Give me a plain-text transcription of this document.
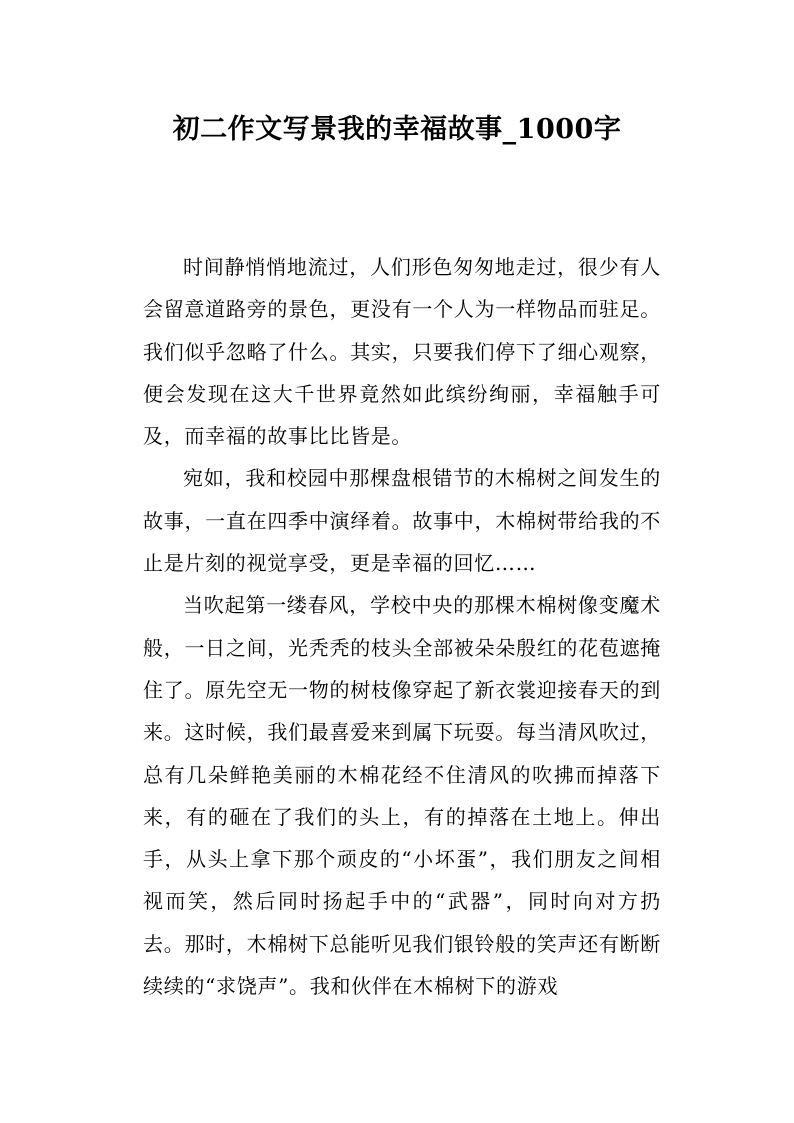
初二作文写景我的幸福故事_1000字

时间静悄悄地流过，人们形色匆匆地走过，很少有人会留意道路旁的景色，更没有一个人为一样物品而驻足。我们似乎忽略了什么。其实，只要我们停下了细心观察，便会发现在这大千世界竟然如此缤纷绚丽，幸福触手可及，而幸福的故事比比皆是。

宛如，我和校园中那棵盘根错节的木棉树之间发生的故事，一直在四季中演绎着。故事中，木棉树带给我的不止是片刻的视觉享受，更是幸福的回忆……

当吹起第一缕春风，学校中央的那棵木棉树像变魔术般，一日之间，光秃秃的枝头全部被朵朵殷红的花苞遮掩住了。原先空无一物的树枝像穿起了新衣裳迎接春天的到来。这时候，我们最喜爱来到属下玩耍。每当清风吹过，总有几朵鲜艳美丽的木棉花经不住清风的吹拂而掉落下来，有的砸在了我们的头上，有的掉落在土地上。伸出手，从头上拿下那个顽皮的“小坏蛋”，我们朋友之间相视而笑，然后同时扬起手中的“武器”，同时向对方扔去。那时，木棉树下总能听见我们银铃般的笑声还有断断续续的“求饶声”。我和伙伴在木棉树下的游戏
